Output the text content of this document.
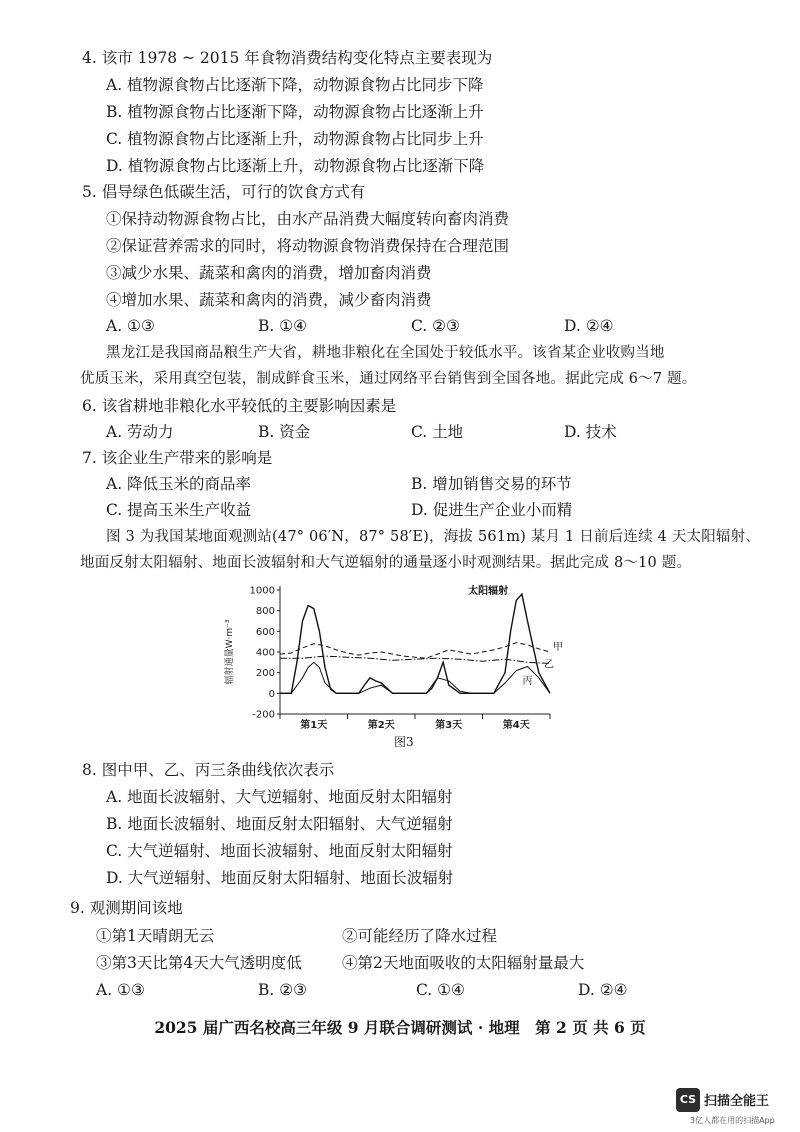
4. 该市 1978 ~ 2015 年食物消费结构变化特点主要表现为
A. 植物源食物占比逐渐下降，动物源食物占比同步下降
B. 植物源食物占比逐渐下降，动物源食物占比逐渐上升
C. 植物源食物占比逐渐上升，动物源食物占比同步上升
D. 植物源食物占比逐渐上升，动物源食物占比逐渐下降
5. 倡导绿色低碳生活，可行的饮食方式有
①保持动物源食物占比，由水产品消费大幅度转向畜肉消费
②保证营养需求的同时，将动物源食物消费保持在合理范围
③减少水果、蔬菜和禽肉的消费，增加畜肉消费
④增加水果、蔬菜和禽肉的消费，减少畜肉消费
A. ①③	B. ①④	C. ②③	D. ②④
黑龙江是我国商品粮生产大省，耕地非粮化在全国处于较低水平。该省某企业收购当地
优质玉米，采用真空包装，制成鲜食玉米，通过网络平台销售到全国各地。据此完成 6～7 题。
6. 该省耕地非粮化水平较低的主要影响因素是
A. 劳动力	B. 资金	C. 土地	D. 技术
7. 该企业生产带来的影响是
A. 降低玉米的商品率	B. 增加销售交易的环节
C. 提高玉米生产收益	D. 促进生产企业小而精
图 3 为我国某地面观测站(47° 06′N，87° 58′E)，海拔 561m) 某月 1 日前后连续 4 天太阳辐射、
地面反射太阳辐射、地面长波辐射和大气逆辐射的通量逐小时观测结果。据此完成 8～10 题。
1000
800
600
400
200
0
-200
第1天	第2天	第3天	第4天
辐射通量W·m⁻³
太阳辐射
甲
乙
丙
图3
8. 图中甲、乙、丙三条曲线依次表示
A. 地面长波辐射、大气逆辐射、地面反射太阳辐射
B. 地面长波辐射、地面反射太阳辐射、大气逆辐射
C. 大气逆辐射、地面长波辐射、地面反射太阳辐射
D. 大气逆辐射、地面反射太阳辐射、地面长波辐射
9. 观测期间该地
①第1天晴朗无云	②可能经历了降水过程
③第3天比第4天大气透明度低	④第2天地面吸收的太阳辐射量最大
A. ①③	B. ②③	C. ①④	D. ②④
2025 届广西名校高三年级 9 月联合调研测试 · 地理　第 2 页 共 6 页
CS 扫描全能王
3亿人都在用的扫描App
